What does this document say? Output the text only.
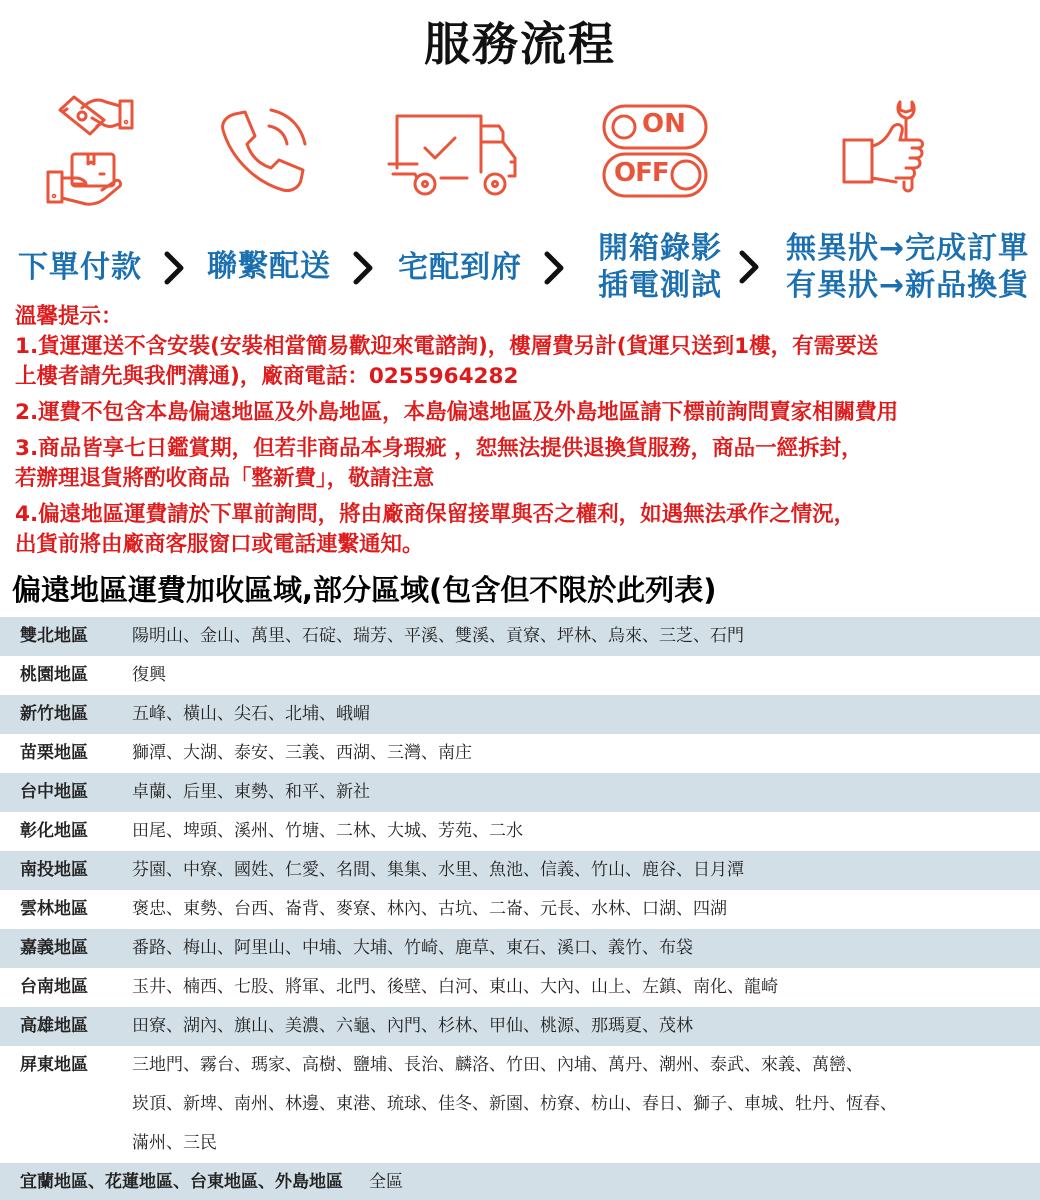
服務流程
ON
OFF
下單付款 聯繫配送 宅配到府
開箱錄影
插電測試
無異狀→完成訂單
有異狀→新品換貨
溫馨提示：
1.貨運運送不含安裝(安裝相當簡易歡迎來電諮詢)，樓層費另計(貨運只送到1樓，有需要送
上樓者請先與我們溝通)，廠商電話：0255964282
2.運費不包含本島偏遠地區及外島地區，本島偏遠地區及外島地區請下標前詢問賣家相關費用
3.商品皆享七日鑑賞期，但若非商品本身瑕疵 ，恕無法提供退換貨服務，商品一經拆封，
若辦理退貨將酌收商品「整新費」，敬請注意
4.偏遠地區運費請於下單前詢問，將由廠商保留接單與否之權利，如遇無法承作之情況，
出貨前將由廠商客服窗口或電話連繫通知。
偏遠地區運費加收區域,部分區域(包含但不限於此列表)
雙北地區	陽明山、金山、萬里、石碇、瑞芳、平溪、雙溪、貢寮、坪林、烏來、三芝、石門
桃園地區	復興
新竹地區	五峰、橫山、尖石、北埔、峨嵋
苗栗地區	獅潭、大湖、泰安、三義、西湖、三灣、南庄
台中地區	卓蘭、后里、東勢、和平、新社
彰化地區	田尾、埤頭、溪州、竹塘、二林、大城、芳苑、二水
南投地區	芬園、中寮、國姓、仁愛、名間、集集、水里、魚池、信義、竹山、鹿谷、日月潭
雲林地區	褒忠、東勢、台西、崙背、麥寮、林內、古坑、二崙、元長、水林、口湖、四湖
嘉義地區	番路、梅山、阿里山、中埔、大埔、竹崎、鹿草、東石、溪口、義竹、布袋
台南地區	玉井、楠西、七股、將軍、北門、後壁、白河、東山、大內、山上、左鎮、南化、龍崎
高雄地區	田寮、湖內、旗山、美濃、六龜、內門、杉林、甲仙、桃源、那瑪夏、茂林
屏東地區	三地門、霧台、瑪家、高樹、鹽埔、長治、麟洛、竹田、內埔、萬丹、潮州、泰武、來義、萬巒、
崁頂、新埤、南州、林邊、東港、琉球、佳冬、新園、枋寮、枋山、春日、獅子、車城、牡丹、恆春、
滿州、三民
宜蘭地區、花蓮地區、台東地區、外島地區	全區
